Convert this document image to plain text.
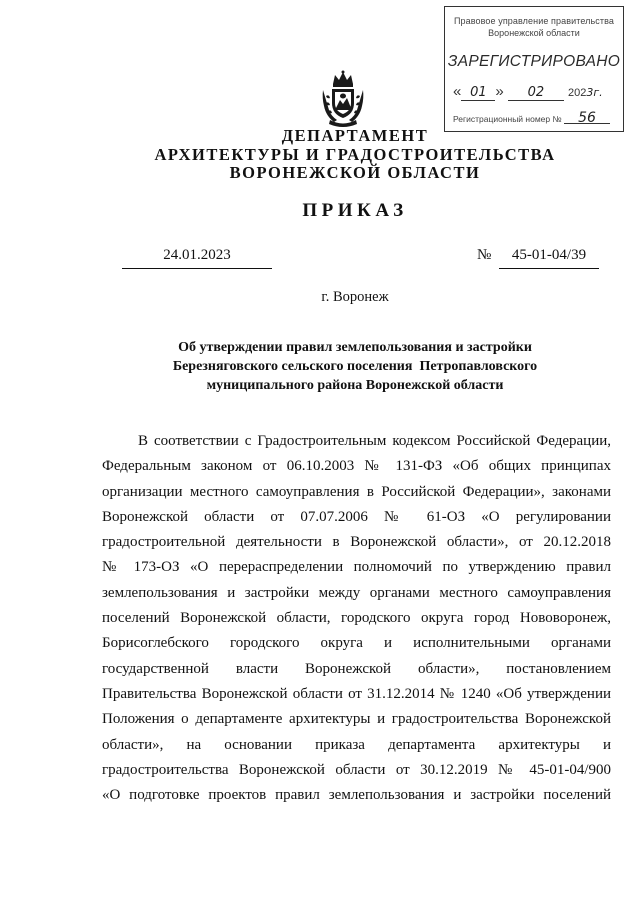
Правовое управление правительства
Воронежской области
ЗАРЕГИСТРИРОВАНО
« 01 » 02 2023г.
Регистрационный номер № 56
ДЕПАРТАМЕНТ
АРХИТЕКТУРЫ И ГРАДОСТРОИТЕЛЬСТВА
ВОРОНЕЖСКОЙ ОБЛАСТИ
ПРИКАЗ
24.01.2023	№	45-01-04/39
г. Воронеж
Об утверждении правил землепользования и застройки
Березняговского сельского поселения  Петропавловского
муниципального района Воронежской области
В соответствии с Градостроительным кодексом Российской Федерации,
Федеральным законом от 06.10.2003 № 131-ФЗ «Об общих принципах
организации местного самоуправления в Российской Федерации», законами
Воронежской области от 07.07.2006 № 61-ОЗ «О регулировании
градостроительной деятельности в Воронежской области», от 20.12.2018
№ 173-ОЗ «О перераспределении полномочий по утверждению правил
землепользования и застройки между органами местного самоуправления
поселений Воронежской области, городского округа город Нововоронеж,
Борисоглебского городского округа и исполнительными органами
государственной власти Воронежской области», постановлением
Правительства Воронежской области от 31.12.2014 № 1240 «Об утверждении
Положения о департаменте архитектуры и градостроительства Воронежской
области», на основании приказа департамента архитектуры и
градостроительства Воронежской области от 30.12.2019 № 45-01-04/900
«О подготовке проектов правил землепользования и застройки поселений
